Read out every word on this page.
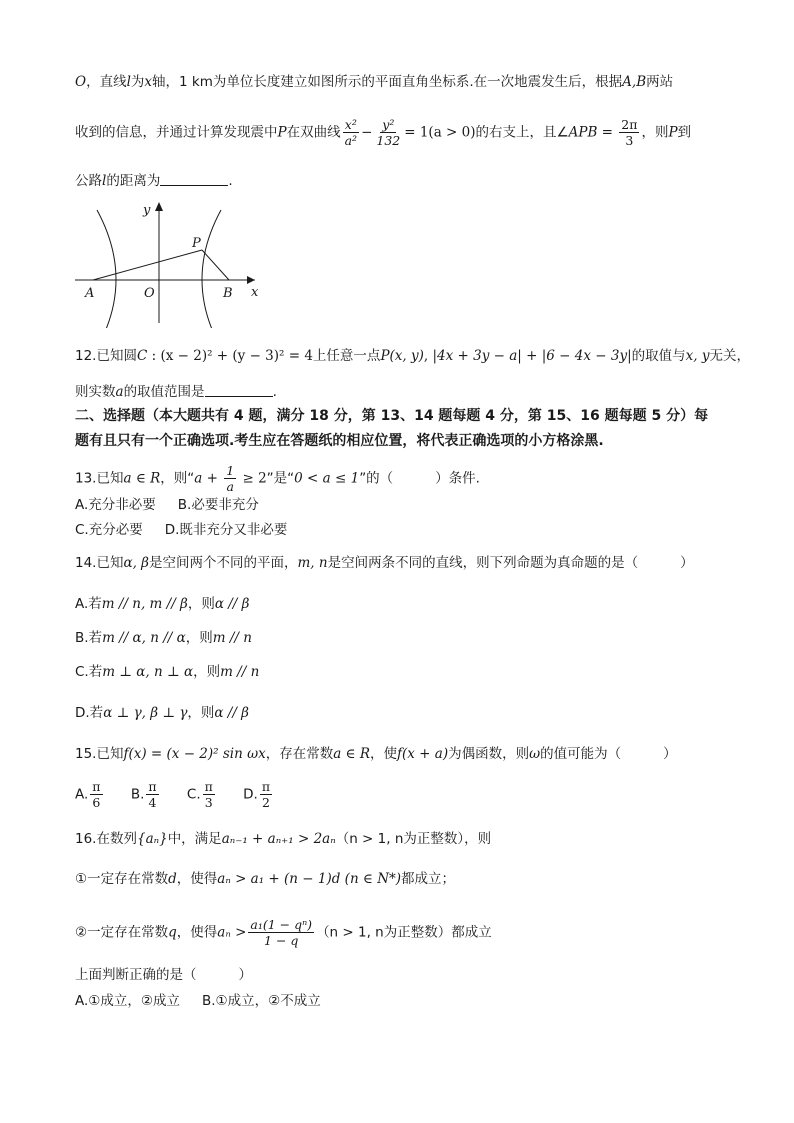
O，直线l为x轴，1 km为单位长度建立如图所示的平面直角坐标系.在一次地震发生后，根据A,B两站
收到的信息，并通过计算发现震中P在双曲线 $\frac{\text{x²}}{\text{a²}} - \frac{\text{y²}}{132} = 1(a > 0)$的右支上，且∠APB = $\frac{2\pi}{3}$ ，则P到
公路l的距离为	.
y
x
P
A	O	B
12.已知圆C : (x − 2)² + (y − 3)² = 4上任意一点P(x, y), |4x + 3y − a| + |6 − 4x − 3y|的取值与x, y无关，
则实数a的取值范围是	.
二、选择题（本大题共有 4 题，满分 18 分，第 13、14 题每题 4 分，第 15、16 题每题 5 分）每
题有且只有一个正确选项.考生应在答题纸的相应位置，将代表正确选项的小方格涂黑.
13.已知a ∈ R，则“$a + \frac{1}{a} \ge 2$”是“0 < a ≤ 1”的（	）条件.
A.充分非必要 B.必要非充分
C.充分必要 D.既非充分又非必要
14.已知α, β是空间两个不同的平面，m, n是空间两条不同的直线，则下列命题为真命题的是（	）
A.若m // n, m // β，则α // β
B.若m // α, n // α，则m // n
C.若m ⊥ α, n ⊥ α，则m // n
D.若α ⊥ γ, β ⊥ γ，则α // β
15.已知f(x) = (x − 2)² sin ωx，存在常数a ∈ R，使f(x + a)为偶函数，则ω的值可能为（	）
A. $\frac{\pi}{6} B$. $\frac{\pi}{4} C$. $\frac{\pi}{3} D$. $\frac{\pi}{2}$
16.在数列{aₙ}中，满足aₙ₋₁ + aₙ₊₁ > 2aₙ（n > 1, n为正整数），则
①一定存在常数d，使得aₙ > a₁ + (n − 1)d (n ∈ N*)都成立；
②一定存在常数q，使得$a_n > \frac{\text{a₁(1 − qⁿ)}}{1 - q} (n > 1$, n为正整数）都成立
上面判断正确的是（	）
A.①成立，②成立 B.①成立，②不成立
